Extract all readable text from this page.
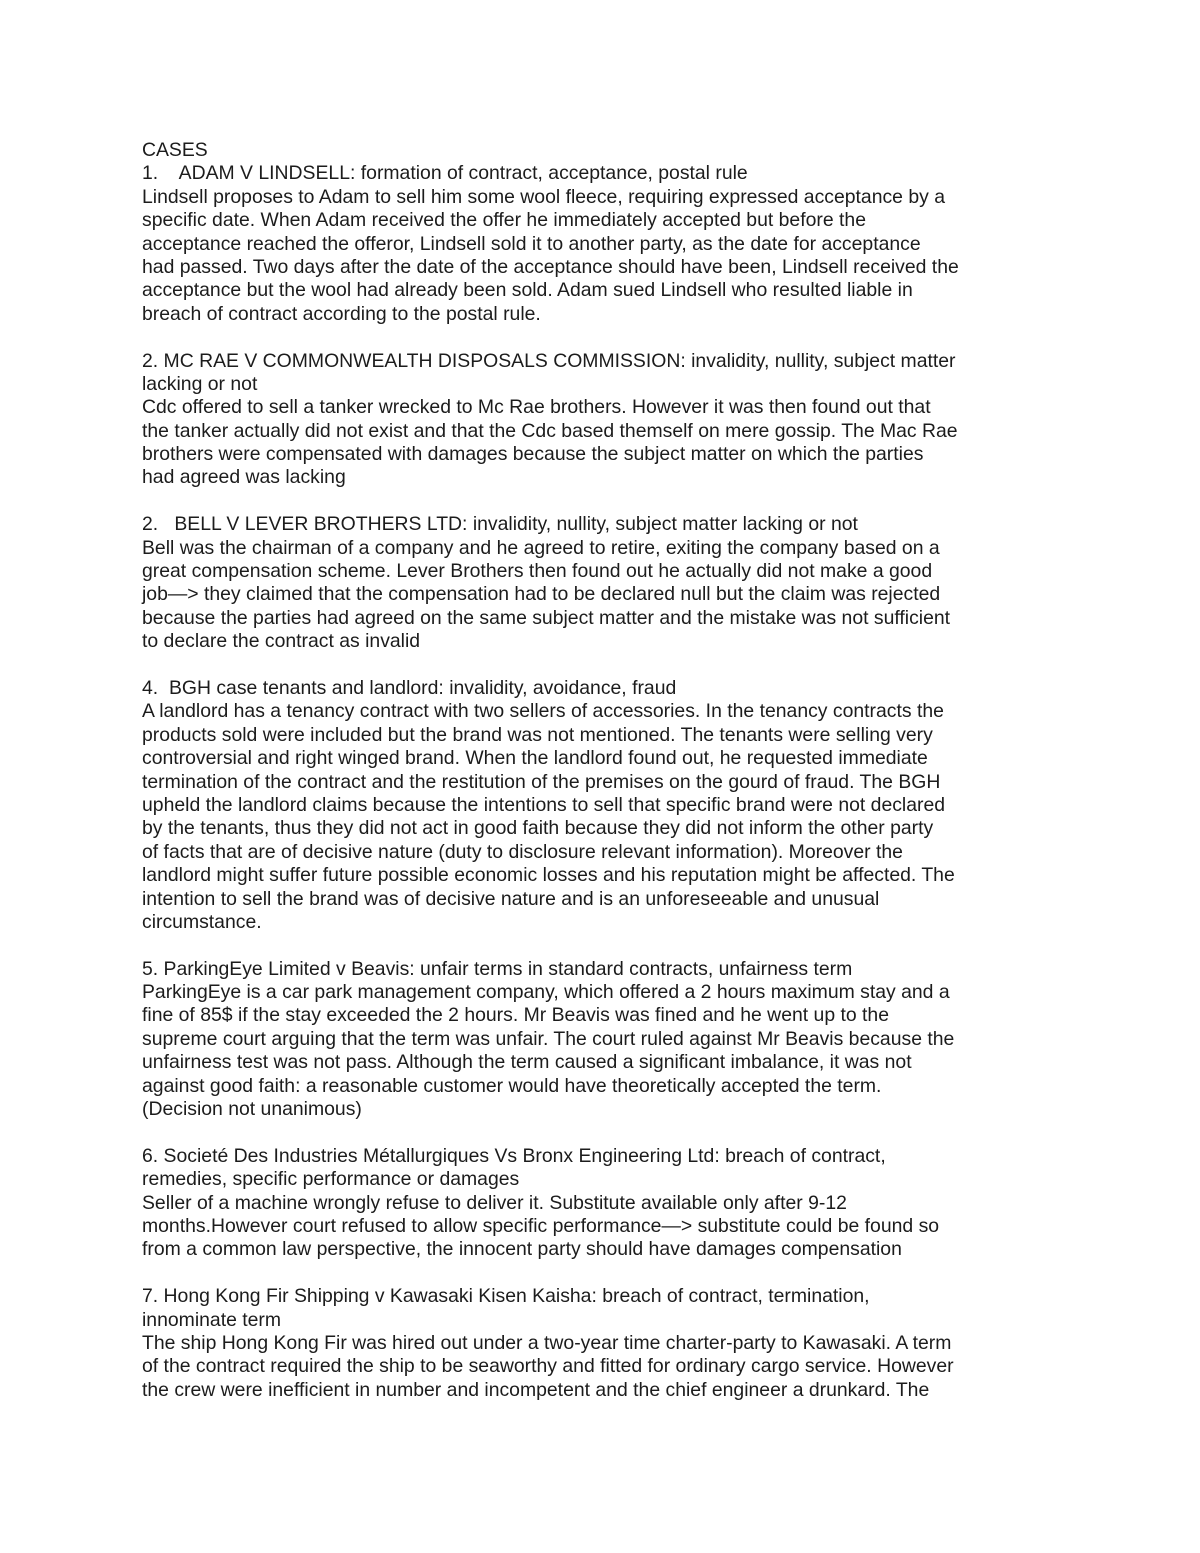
CASES
1.    ADAM V LINDSELL: formation of contract, acceptance, postal rule
Lindsell proposes to Adam to sell him some wool fleece, requiring expressed acceptance by a
specific date. When Adam received the offer he immediately accepted but before the
acceptance reached the offeror, Lindsell sold it to another party, as the date for acceptance
had passed. Two days after the date of the acceptance should have been, Lindsell received the
acceptance but the wool had already been sold. Adam sued Lindsell who resulted liable in
breach of contract according to the postal rule.
2. MC RAE V COMMONWEALTH DISPOSALS COMMISSION: invalidity, nullity, subject matter
lacking or not
Cdc offered to sell a tanker wrecked to Mc Rae brothers. However it was then found out that
the tanker actually did not exist and that the Cdc based themself on mere gossip. The Mac Rae
brothers were compensated with damages because the subject matter on which the parties
had agreed was lacking
2.   BELL V LEVER BROTHERS LTD: invalidity, nullity, subject matter lacking or not
Bell was the chairman of a company and he agreed to retire, exiting the company based on a
great compensation scheme. Lever Brothers then found out he actually did not make a good
job—> they claimed that the compensation had to be declared null but the claim was rejected
because the parties had agreed on the same subject matter and the mistake was not sufficient
to declare the contract as invalid
4.  BGH case tenants and landlord: invalidity, avoidance, fraud
A landlord has a tenancy contract with two sellers of accessories. In the tenancy contracts the
products sold were included but the brand was not mentioned. The tenants were selling very
controversial and right winged brand. When the landlord found out, he requested immediate
termination of the contract and the restitution of the premises on the gourd of fraud. The BGH
upheld the landlord claims because the intentions to sell that specific brand were not declared
by the tenants, thus they did not act in good faith because they did not inform the other party
of facts that are of decisive nature (duty to disclosure relevant information). Moreover the
landlord might suffer future possible economic losses and his reputation might be affected. The
intention to sell the brand was of decisive nature and is an unforeseeable and unusual
circumstance.
5. ParkingEye Limited v Beavis: unfair terms in standard contracts, unfairness term
ParkingEye is a car park management company, which offered a 2 hours maximum stay and a
fine of 85$ if the stay exceeded the 2 hours. Mr Beavis was fined and he went up to the
supreme court arguing that the term was unfair. The court ruled against Mr Beavis because the
unfairness test was not pass. Although the term caused a significant imbalance, it was not
against good faith: a reasonable customer would have theoretically accepted the term.
(Decision not unanimous)
6. Societé Des Industries Métallurgiques Vs Bronx Engineering Ltd: breach of contract,
remedies, specific performance or damages
Seller of a machine wrongly refuse to deliver it. Substitute available only after 9-12
months.However court refused to allow specific performance—> substitute could be found so
from a common law perspective, the innocent party should have damages compensation
7. Hong Kong Fir Shipping v Kawasaki Kisen Kaisha: breach of contract, termination,
innominate term
The ship Hong Kong Fir was hired out under a two-year time charter-party to Kawasaki. A term
of the contract required the ship to be seaworthy and fitted for ordinary cargo service. However
the crew were inefficient in number and incompetent and the chief engineer a drunkard. The
